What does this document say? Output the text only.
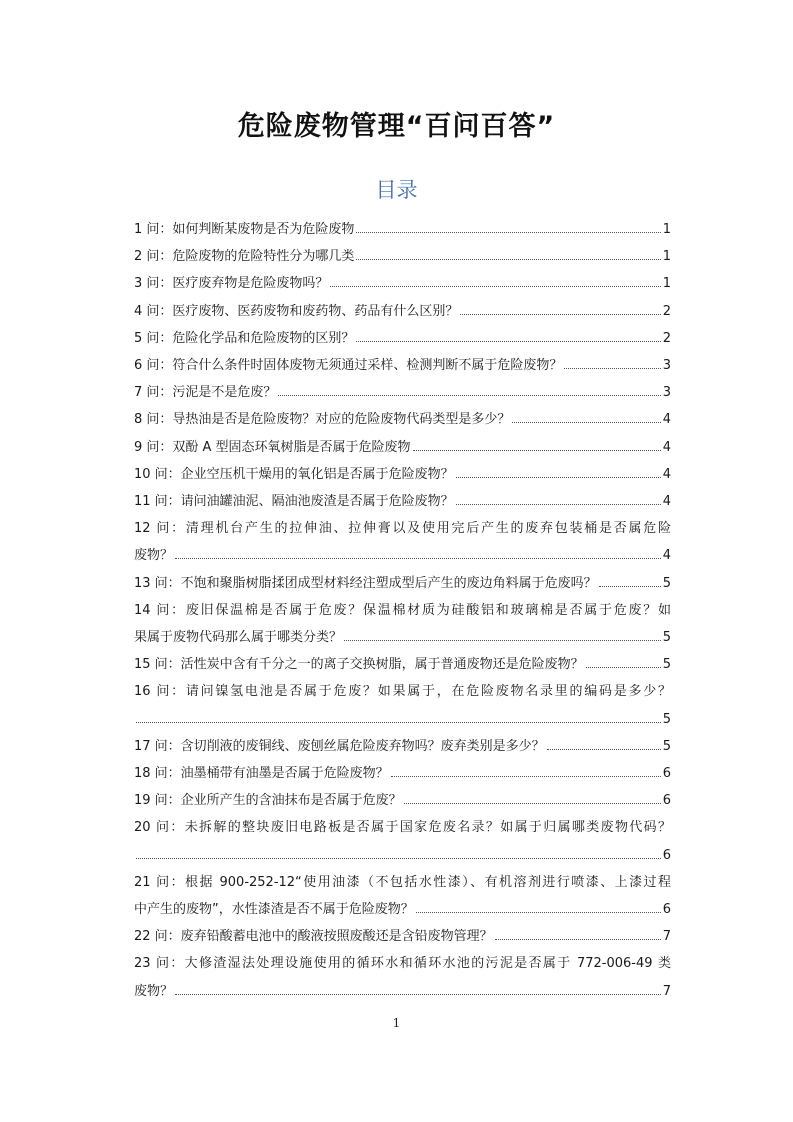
危险废物管理“百问百答”
目录
1 问：如何判断某废物是否为危险废物	1
2 问：危险废物的危险特性分为哪几类	1
3 问：医疗废弃物是危险废物吗？	1
4 问：医疗废物、医药废物和废药物、药品有什么区别？	2
5 问：危险化学品和危险废物的区别？	2
6 问：符合什么条件时固体废物无须通过采样、检测判断不属于危险废物？	3
7 问：污泥是不是危废？	3
8 问：导热油是否是危险废物？对应的危险废物代码类型是多少？	4
9 问：双酚 A 型固态环氧树脂是否属于危险废物	4
10 问：企业空压机干燥用的氧化铝是否属于危险废物？	4
11 问：请问油罐油泥、隔油池废渣是否属于危险废物？	4
12 问：清理机台产生的拉伸油、拉伸膏以及使用完后产生的废弃包装桶是否属危险
废物？	4
13 问：不饱和聚脂树脂揉团成型材料经注塑成型后产生的废边角料属于危废吗？	5
14 问：废旧保温棉是否属于危废？保温棉材质为硅酸铝和玻璃棉是否属于危废？如
果属于废物代码那么属于哪类分类？	5
15 问：活性炭中含有千分之一的离子交换树脂，属于普通废物还是危险废物？	5
16 问：请问镍氢电池是否属于危废？如果属于，在危险废物名录里的编码是多少？
5
17 问：含切削液的废铜线、废刨丝属危险废弃物吗？废弃类别是多少？	5
18 问：油墨桶带有油墨是否属于危险废物？	6
19 问：企业所产生的含油抹布是否属于危废？	6
20 问：未拆解的整块废旧电路板是否属于国家危废名录？如属于归属哪类废物代码？
6
21 问：根据 900-252-12“使用油漆（不包括水性漆）、有机溶剂进行喷漆、上漆过程
中产生的废物”，水性漆渣是否不属于危险废物？	6
22 问：废弃铅酸蓄电池中的酸液按照废酸还是含铅废物管理？	7
23 问：大修渣湿法处理设施使用的循环水和循环水池的污泥是否属于 772-006-49 类
废物？	7
1
